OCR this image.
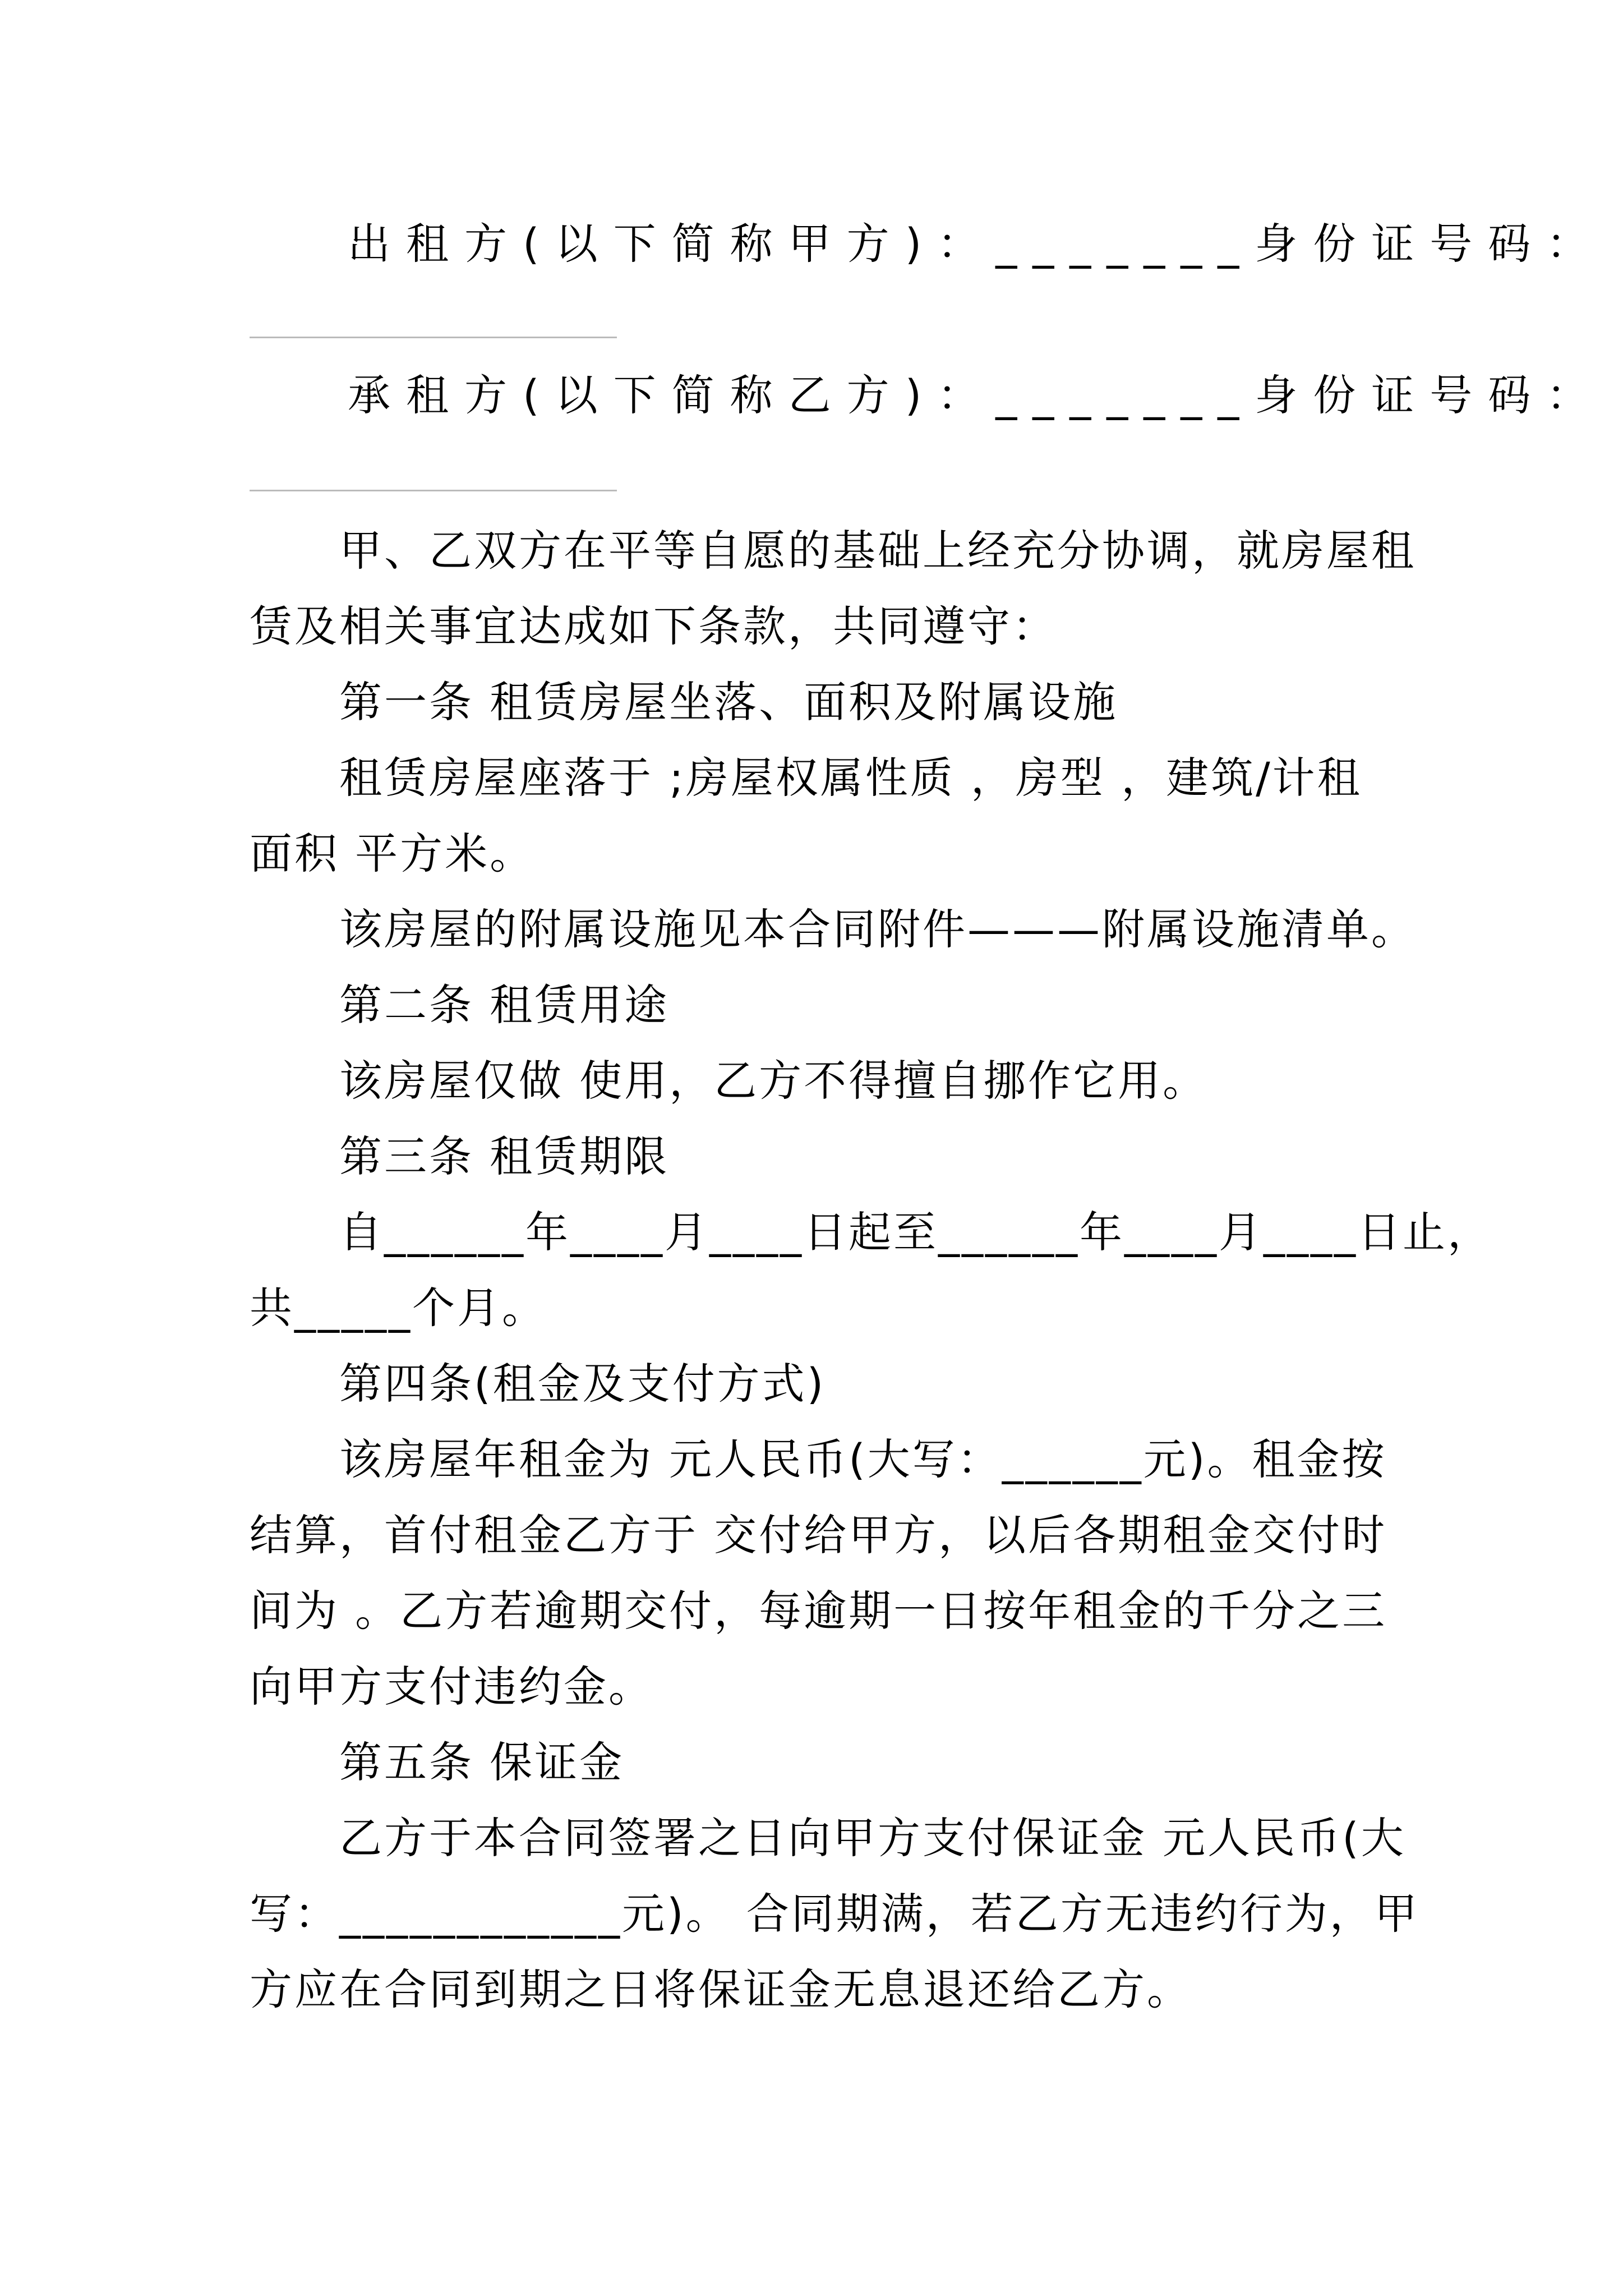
出租方(以下简称甲方)：_______身份证号码：
承租方(以下简称乙方)：_______身份证号码：
　　甲、乙双方在平等自愿的基础上经充分协调，就房屋租
赁及相关事宜达成如下条款，共同遵守：
　　第一条 租赁房屋坐落、面积及附属设施
　　租赁房屋座落于 ;房屋权属性质 ，房型 ，建筑/计租
面积 平方米。
　　该房屋的附属设施见本合同附件———附属设施清单。
　　第二条 租赁用途
　　该房屋仅做 使用，乙方不得擅自挪作它用。
　　第三条 租赁期限
　　自______年____月____日起至______年____月____日止，
共_____个月。
　　第四条(租金及支付方式)
　　该房屋年租金为 元人民币(大写：______元)。租金按
结算，首付租金乙方于 交付给甲方，以后各期租金交付时
间为 。乙方若逾期交付，每逾期一日按年租金的千分之三
向甲方支付违约金。
　　第五条 保证金
　　乙方于本合同签署之日向甲方支付保证金 元人民币(大
写：____________元)。 合同期满，若乙方无违约行为，甲
方应在合同到期之日将保证金无息退还给乙方。
